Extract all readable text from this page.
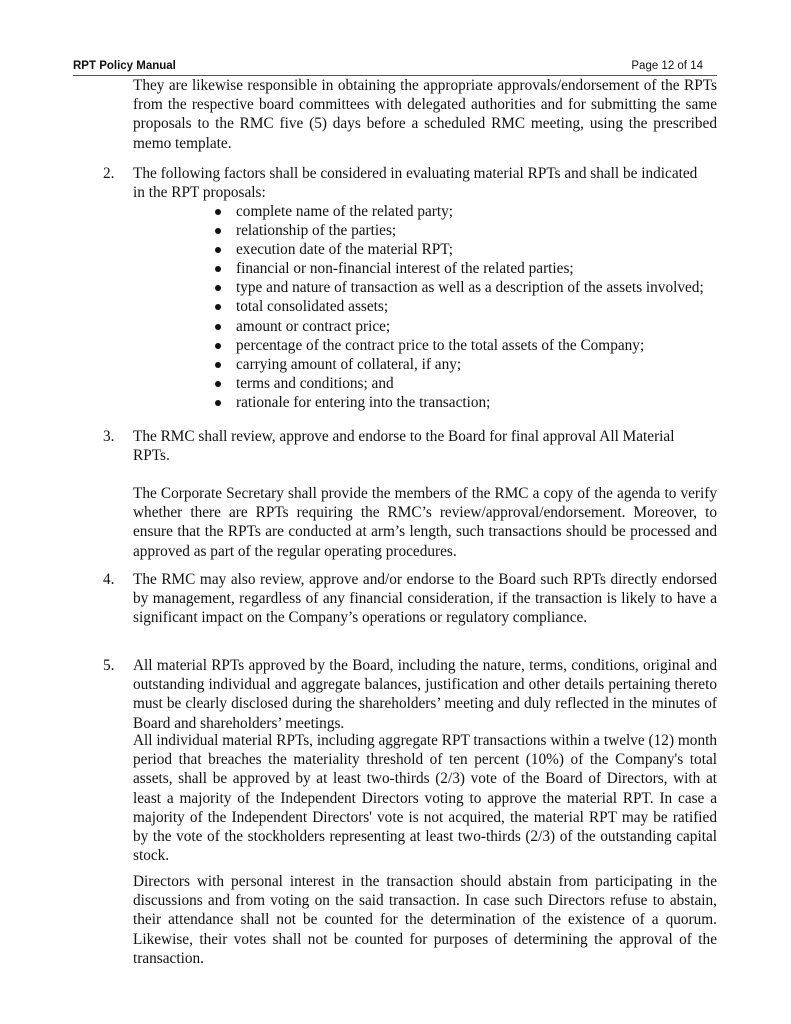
RPT Policy Manual	Page 12 of 14
They are likewise responsible in obtaining the appropriate approvals/endorsement of the RPTs from the respective board committees with delegated authorities and for submitting the same proposals to the RMC five (5) days before a scheduled RMC meeting, using the prescribed memo template.
2. The following factors shall be considered in evaluating material RPTs and shall be indicated in the RPT proposals:
complete name of the related party;
relationship of the parties;
execution date of the material RPT;
financial or non-financial interest of the related parties;
type and nature of transaction as well as a description of the assets involved;
total consolidated assets;
amount or contract price;
percentage of the contract price to the total assets of the Company;
carrying amount of collateral, if any;
terms and conditions; and
rationale for entering into the transaction;
3. The RMC shall review, approve and endorse to the Board for final approval All Material RPTs.
The Corporate Secretary shall provide the members of the RMC a copy of the agenda to verify whether there are RPTs requiring the RMC’s review/approval/endorsement. Moreover, to ensure that the RPTs are conducted at arm’s length, such transactions should be processed and approved as part of the regular operating procedures.
4. The RMC may also review, approve and/or endorse to the Board such RPTs directly endorsed by management, regardless of any financial consideration, if the transaction is likely to have a significant impact on the Company’s operations or regulatory compliance.
5. All material RPTs approved by the Board, including the nature, terms, conditions, original and outstanding individual and aggregate balances, justification and other details pertaining thereto must be clearly disclosed during the shareholders’ meeting and duly reflected in the minutes of Board and shareholders’ meetings.
All individual material RPTs, including aggregate RPT transactions within a twelve (12) month period that breaches the materiality threshold of ten percent (10%) of the Company's total assets, shall be approved by at least two-thirds (2/3) vote of the Board of Directors, with at least a majority of the Independent Directors voting to approve the material RPT. In case a majority of the Independent Directors' vote is not acquired, the material RPT may be ratified by the vote of the stockholders representing at least two-thirds (2/3) of the outstanding capital stock.
Directors with personal interest in the transaction should abstain from participating in the discussions and from voting on the said transaction. In case such Directors refuse to abstain, their attendance shall not be counted for the determination of the existence of a quorum. Likewise, their votes shall not be counted for purposes of determining the approval of the transaction.
